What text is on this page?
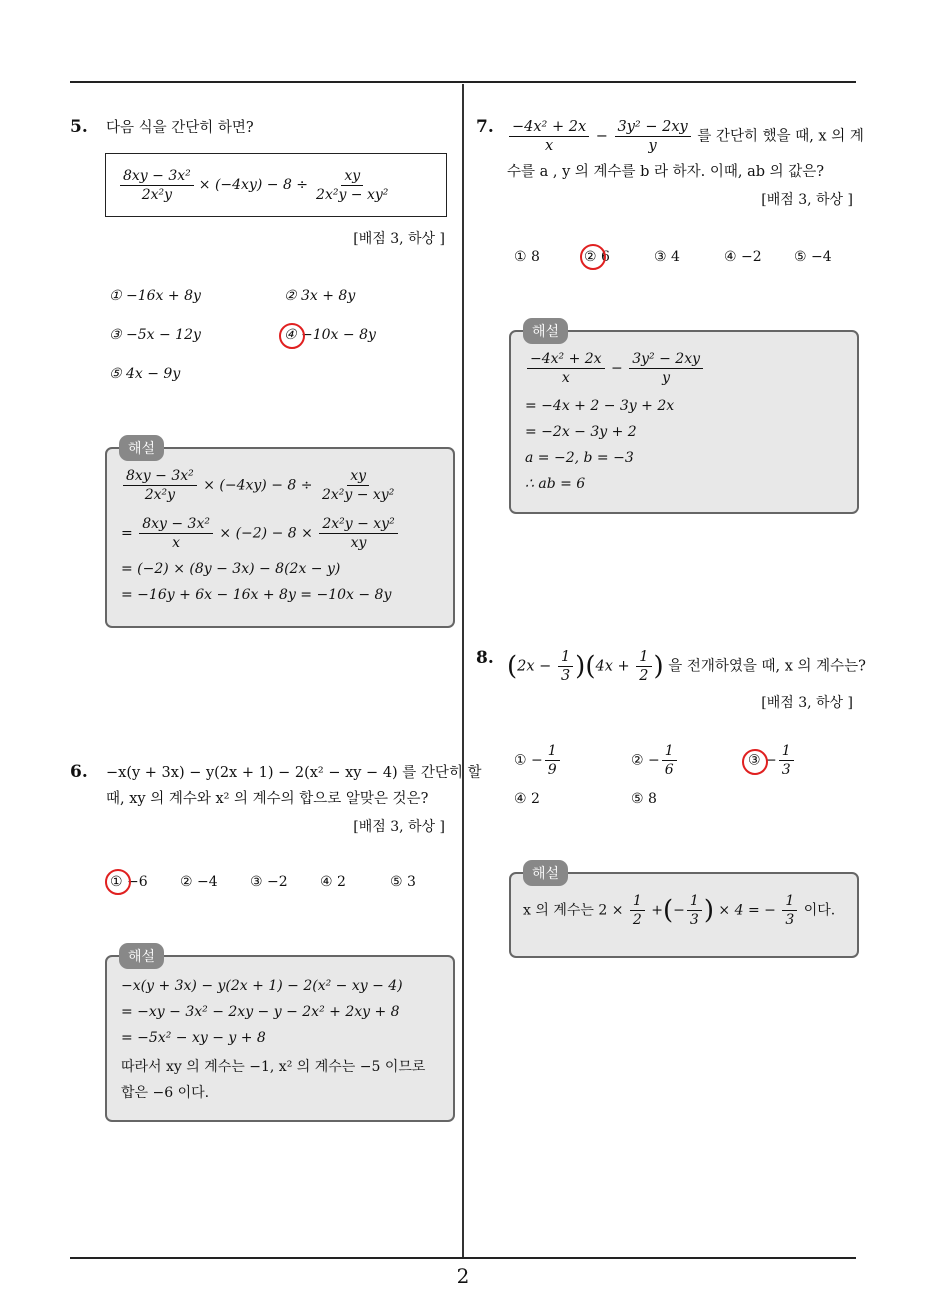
2
5. 다음 식을 간단히 하면?
$\frac{\text{8xy − 3x²}}{\text{2x²y}} \times (-4xy) - 8 \div \frac{xy}{\text{2x²y − xy²}}$
[배점 3, 하상 ]
① −16x + 8y	② 3x + 8y
③ −5x − 12y	④ −10x − 8y
⑤ 4x − 9y
$\frac{\text{8xy − 3x²}}{\text{2x²y}} \times (-4xy) - 8 \div \frac{xy}{\text{2x²y − xy²}}$
= $\frac{\text{8xy − 3x²}}{x} \times (-2) - 8 \times \frac{\text{2x²y − xy²}}{xy}$
= (−2) × (8y − 3x) − 8(2x − y)
= −16y + 6x − 16x + 8y = −10x − 8y
해설
6. −x(y + 3x) − y(2x + 1) − 2(x² − xy − 4) 를 간단히 할
때, xy 의 계수와 x² 의 계수의 합으로 알맞은 것은?
[배점 3, 하상 ]
① −6 ② −4 ③ −2 ④ 2	⑤ 3
−x(y + 3x) − y(2x + 1) − 2(x² − xy − 4)
= −xy − 3x² − 2xy − y − 2x² + 2xy + 8
= −5x² − xy − y + 8
따라서 xy 의 계수는 −1, x² 의 계수는 −5 이므로
합은 −6 이다.
해설
7. $\frac{\text{−4x² + 2x}}{x} - \frac{\text{3y² − 2xy}}{y}$ 를 간단히 했을 때, x 의 계
수를 a , y 의 계수를 b 라 하자. 이때, ab 의 값은?
[배점 3, 하상 ]
① 8	② 6	③ 4	④ −2 ⑤ −4
$\frac{\text{−4x² + 2x}}{x} - \frac{\text{3y² − 2xy}}{y}$
= −4x + 2 − 3y + 2x
= −2x − 3y + 2
a = −2, b = −3
∴ ab = 6
해설
8. $(2x - \frac{1}{3} )(4x + \frac{1}{2}$ ) 을 전개하였을 때, x 의 계수는?
[배점 3, 하상 ]
① − $\frac{1}{9}$	② − $\frac{1}{6}$	③ − $\frac{1}{3}$
④ 2	⑤ 8
x 의 계수는 $2 \times \frac{1}{2}$ +(− $\frac{1}{3}$ ) × 4 = − $\frac{1}{3}$ 이다.
해설
